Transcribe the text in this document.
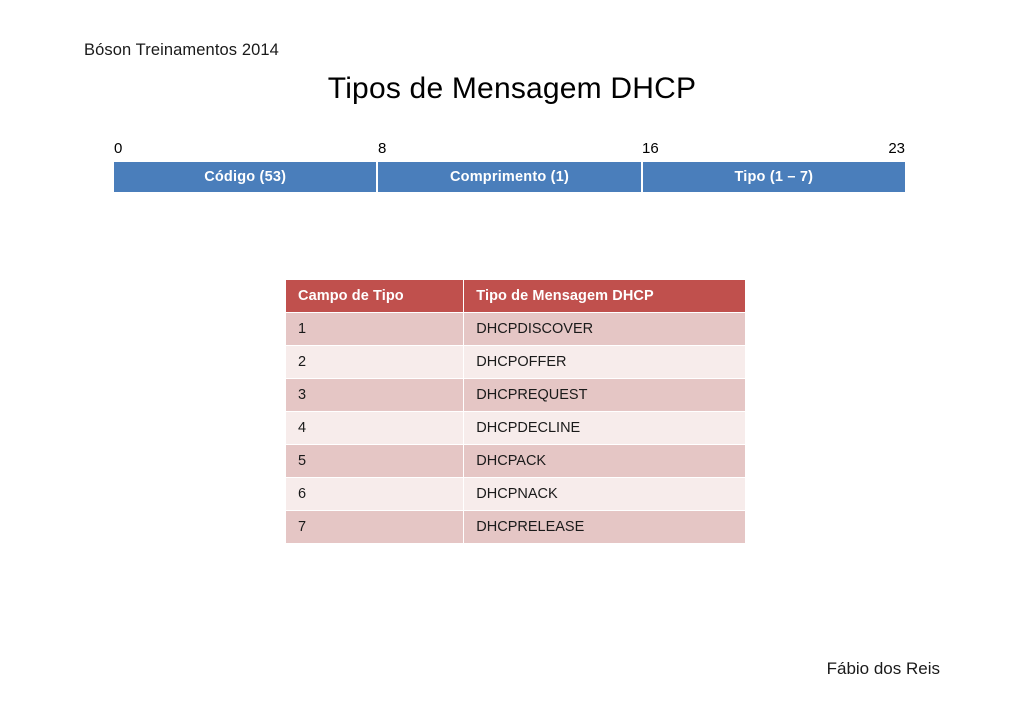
Bóson Treinamentos 2014
Tipos de Mensagem DHCP
0	8	16	23
Código (53)	Comprimento (1)	Tipo (1 – 7)
Campo de Tipo	Tipo de Mensagem DHCP
1	DHCPDISCOVER
2	DHCPOFFER
3	DHCPREQUEST
4	DHCPDECLINE
5	DHCPACK
6	DHCPNACK
7	DHCPRELEASE
Fábio dos Reis
